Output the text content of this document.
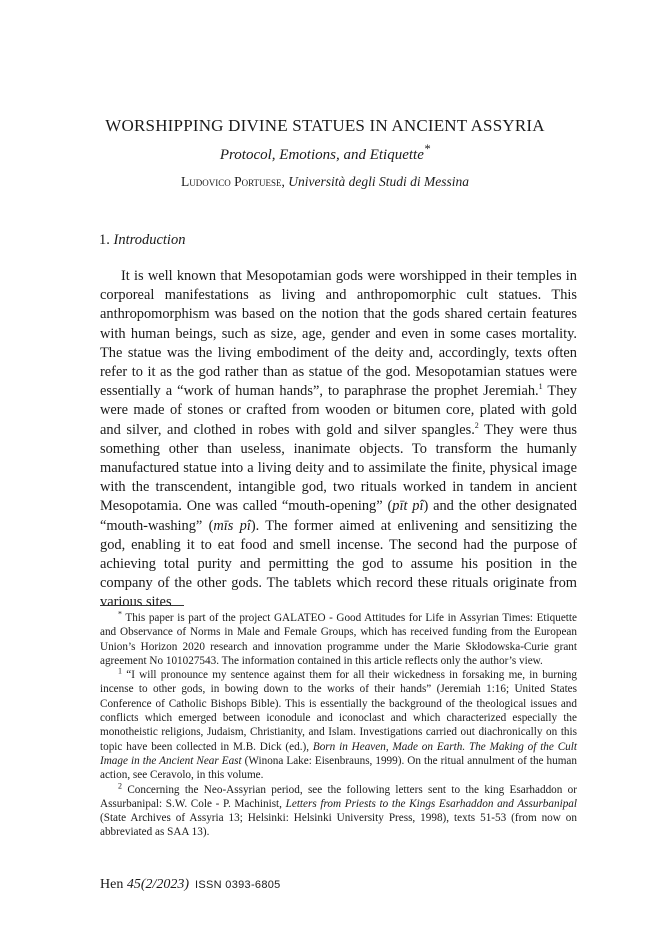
WORSHIPPING DIVINE STATUES IN ANCIENT ASSYRIA
Protocol, Emotions, and Etiquette*
Ludovico Portuese, Università degli Studi di Messina
1. Introduction
It is well known that Mesopotamian gods were worshipped in their temples in corporeal manifestations as living and anthropomorphic cult statues. This anthropomorphism was based on the notion that the gods shared certain features with human beings, such as size, age, gender and even in some cases mortality. The statue was the living embodiment of the deity and, accordingly, texts often refer to it as the god rather than as statue of the god. Mesopotamian statues were essentially a “work of human hands”, to paraphrase the prophet Jeremiah.$^1$ They were made of stones or crafted from wooden or bitumen core, plated with gold and silver, and clothed in robes with gold and silver spangles.$^2$ They were thus something other than useless, inanimate objects. To transform the humanly manufactured statue into a living deity and to assimilate the finite, physical image with the transcendent, intangible god, two rituals worked in tandem in ancient Mesopotamia. One was called “mouth-opening” (pīt pî) and the other designated “mouth-washing” (mīs pî). The former aimed at enlivening and sensitizing the god, enabling it to eat food and smell incense. The second had the purpose of achieving total purity and permitting the god to assume his position in the company of the other gods. The tablets which record these rituals originate from various sites

* This paper is part of the project GALATEO - Good Attitudes for Life in Assyrian Times: Etiquette and Observance of Norms in Male and Female Groups, which has received funding from the European Union’s Horizon 2020 research and innovation programme under the Marie Skłodowska-Curie grant agreement No 101027543. The information contained in this article reflects only the author’s view.

$^1$ “I will pronounce my sentence against them for all their wickedness in forsaking me, in burning incense to other gods, in bowing down to the works of their hands” (Jeremiah 1:16; United States Conference of Catholic Bishops Bible). This is essentially the background of the theological issues and conflicts which emerged between iconodule and iconoclast and which characterized especially the monotheistic religions, Judaism, Christianity, and Islam. Investigations carried out diachronically on this topic have been collected in M.B. Dick (ed.), Born in Heaven, Made on Earth. The Making of the Cult Image in the Ancient Near East (Winona Lake: Eisenbrauns, 1999). On the ritual annulment of the human action, see Ceravolo, in this volume.

$^2$ Concerning the Neo-Assyrian period, see the following letters sent to the king Esarhaddon or Assurbanipal: S.W. Cole - P. Machinist, Letters from Priests to the Kings Esarhaddon and Assurbanipal (State Archives of Assyria 13; Helsinki: Helsinki University Press, 1998), texts 51-53 (from now on abbreviated as SAA 13).

Hen 45(2/2023) ISSN 0393-6805
